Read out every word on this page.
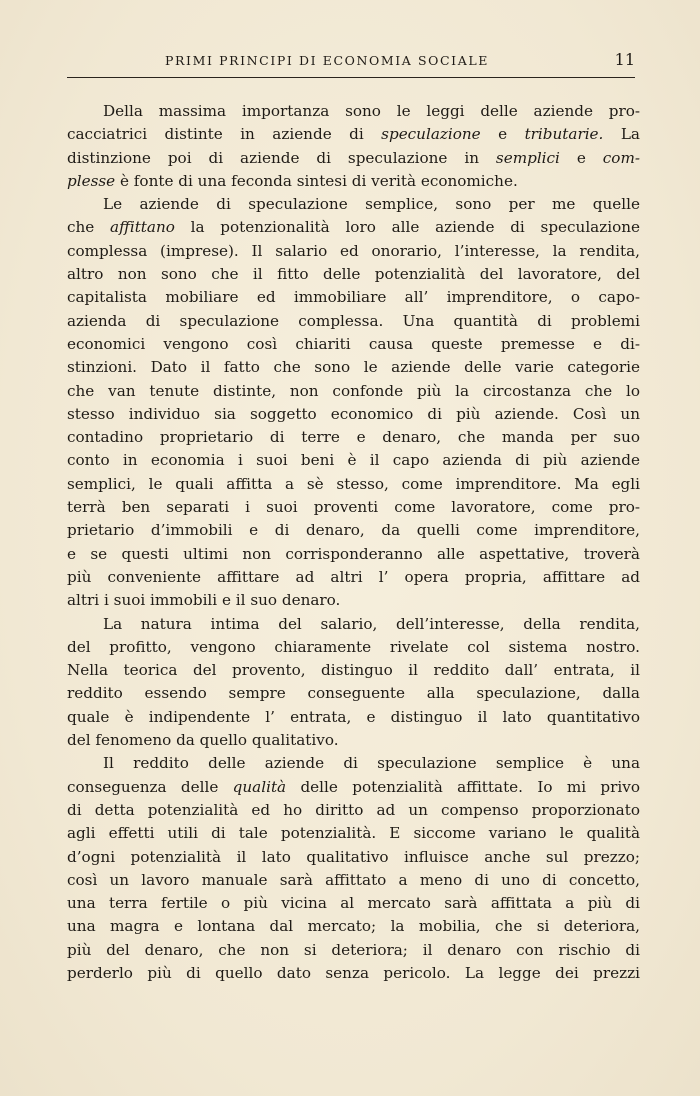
PRIMI PRINCIPI DI ECONOMIA SOCIALE	11
Della massima importanza sono le leggi delle aziende pro-
cacciatrici distinte in aziende di speculazione e tributarie. La
distinzione poi di aziende di speculazione in semplici e com-
plesse è fonte di una feconda sintesi di verità economiche.
Le aziende di speculazione semplice, sono per me quelle
che affittano la potenzionalità loro alle aziende di speculazione
complessa (imprese). Il salario ed onorario, l’interesse, la rendita,
altro non sono che il fitto delle potenzialità del lavoratore, del
capitalista mobiliare ed immobiliare all’ imprenditore, o capo-
azienda di speculazione complessa. Una quantità di problemi
economici vengono così chiariti causa queste premesse e di-
stinzioni. Dato il fatto che sono le aziende delle varie categorie
che van tenute distinte, non confonde più la circostanza che lo
stesso individuo sia soggetto economico di più aziende. Così un
contadino proprietario di terre e denaro, che manda per suo
conto in economia i suoi beni è il capo azienda di più aziende
semplici, le quali affitta a sè stesso, come imprenditore. Ma egli
terrà ben separati i suoi proventi come lavoratore, come pro-
prietario d’immobili e di denaro, da quelli come imprenditore,
e se questi ultimi non corrisponderanno alle aspettative, troverà
più conveniente affittare ad altri l’ opera propria, affittare ad
altri i suoi immobili e il suo denaro.
La natura intima del salario, dell’interesse, della rendita,
del profitto, vengono chiaramente rivelate col sistema nostro.
Nella teorica del provento, distinguo il reddito dall’ entrata, il
reddito essendo sempre conseguente alla speculazione, dalla
quale è indipendente l’ entrata, e distinguo il lato quantitativo
del fenomeno da quello qualitativo.
Il reddito delle aziende di speculazione semplice è una
conseguenza delle qualità delle potenzialità affittate. Io mi privo
di detta potenzialità ed ho diritto ad un compenso proporzionato
agli effetti utili di tale potenzialità. E siccome variano le qualità
d’ogni potenzialità il lato qualitativo influisce anche sul prezzo;
così un lavoro manuale sarà affittato a meno di uno di concetto,
una terra fertile o più vicina al mercato sarà affittata a più di
una magra e lontana dal mercato; la mobilia, che si deteriora,
più del denaro, che non si deteriora; il denaro con rischio di
perderlo più di quello dato senza pericolo. La legge dei prezzi
